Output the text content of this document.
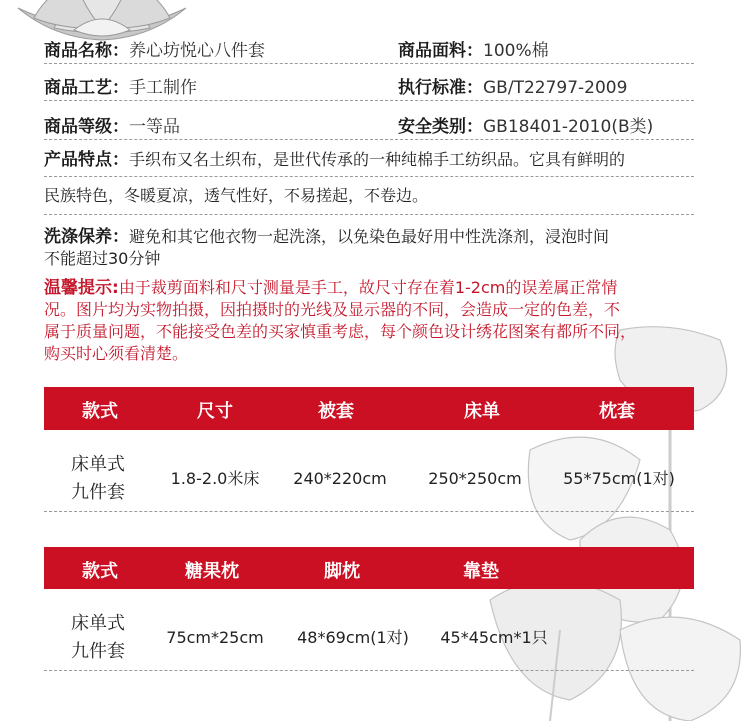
商品名称：养心坊悦心八件套	商品面料：100%棉
商品工艺：手工制作	执行标准：GB/T22797-2009
商品等级：一等品	安全类别：GB18401-2010(B类)
产品特点：手织布又名土织布，是世代传承的一种纯棉手工纺织品。它具有鲜明的
民族特色，冬暖夏凉，透气性好，不易搓起，不卷边。
洗涤保养：避免和其它他衣物一起洗涤，以免染色最好用中性洗涤剂，浸泡时间
不能超过30分钟
温馨提示:由于裁剪面料和尺寸测量是手工，故尺寸存在着1-2cm的误差属正常情
况。图片均为实物拍摄，因拍摄时的光线及显示器的不同，会造成一定的色差，不
属于质量问题，不能接受色差的买家慎重考虑，每个颜色设计绣花图案有都所不同，
购买时心须看清楚。
款式	尺寸	被套	床单	枕套
床单式
九件套
1.8-2.0米床 240*220cm	250*250cm	55*75cm(1对)
款式	糖果枕	脚枕	靠垫
床单式
九件套
75cm*25cm 48*69cm(1对) 45*45cm*1只
